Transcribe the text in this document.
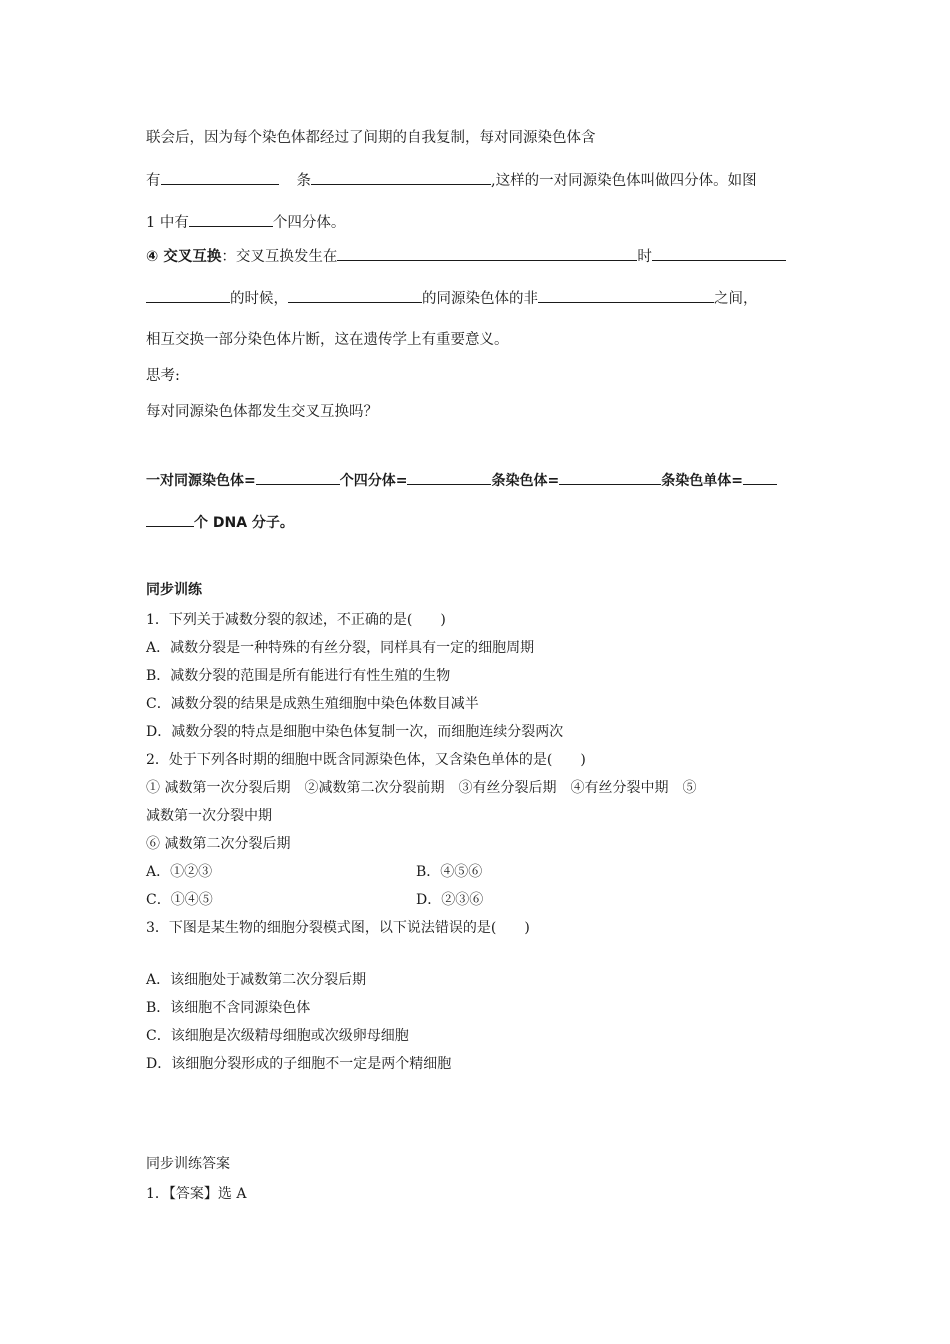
联会后，因为每个染色体都经过了间期的自我复制，每对同源染色体含
有	条	,这样的一对同源染色体叫做四分体。如图
1 中有	个四分体。
④ 交叉互换：交叉互换发生在	时
的时候，	的同源染色体的非	之间，
相互交换一部分染色体片断，这在遗传学上有重要意义。
思考:
每对同源染色体都发生交叉互换吗？
一对同源染色体=	个四分体=	条染色体=	条染色单体=
个 DNA 分子。
同步训练
1．下列关于减数分裂的叙述，不正确的是(　　)
A．减数分裂是一种特殊的有丝分裂，同样具有一定的细胞周期
B．减数分裂的范围是所有能进行有性生殖的生物
C．减数分裂的结果是成熟生殖细胞中染色体数目减半
D．减数分裂的特点是细胞中染色体复制一次，而细胞连续分裂两次
2．处于下列各时期的细胞中既含同源染色体，又含染色单体的是(　　)
① 减数第一次分裂后期　②减数第二次分裂前期　③有丝分裂后期　④有丝分裂中期　⑤
减数第一次分裂中期
⑥ 减数第二次分裂后期
A．①②③	B．④⑤⑥
C．①④⑤	D．②③⑥
3．下图是某生物的细胞分裂模式图，以下说法错误的是(　　)
A．该细胞处于减数第二次分裂后期
B．该细胞不含同源染色体
C．该细胞是次级精母细胞或次级卵母细胞
D．该细胞分裂形成的子细胞不一定是两个精细胞
同步训练答案
1．【答案】选 A
